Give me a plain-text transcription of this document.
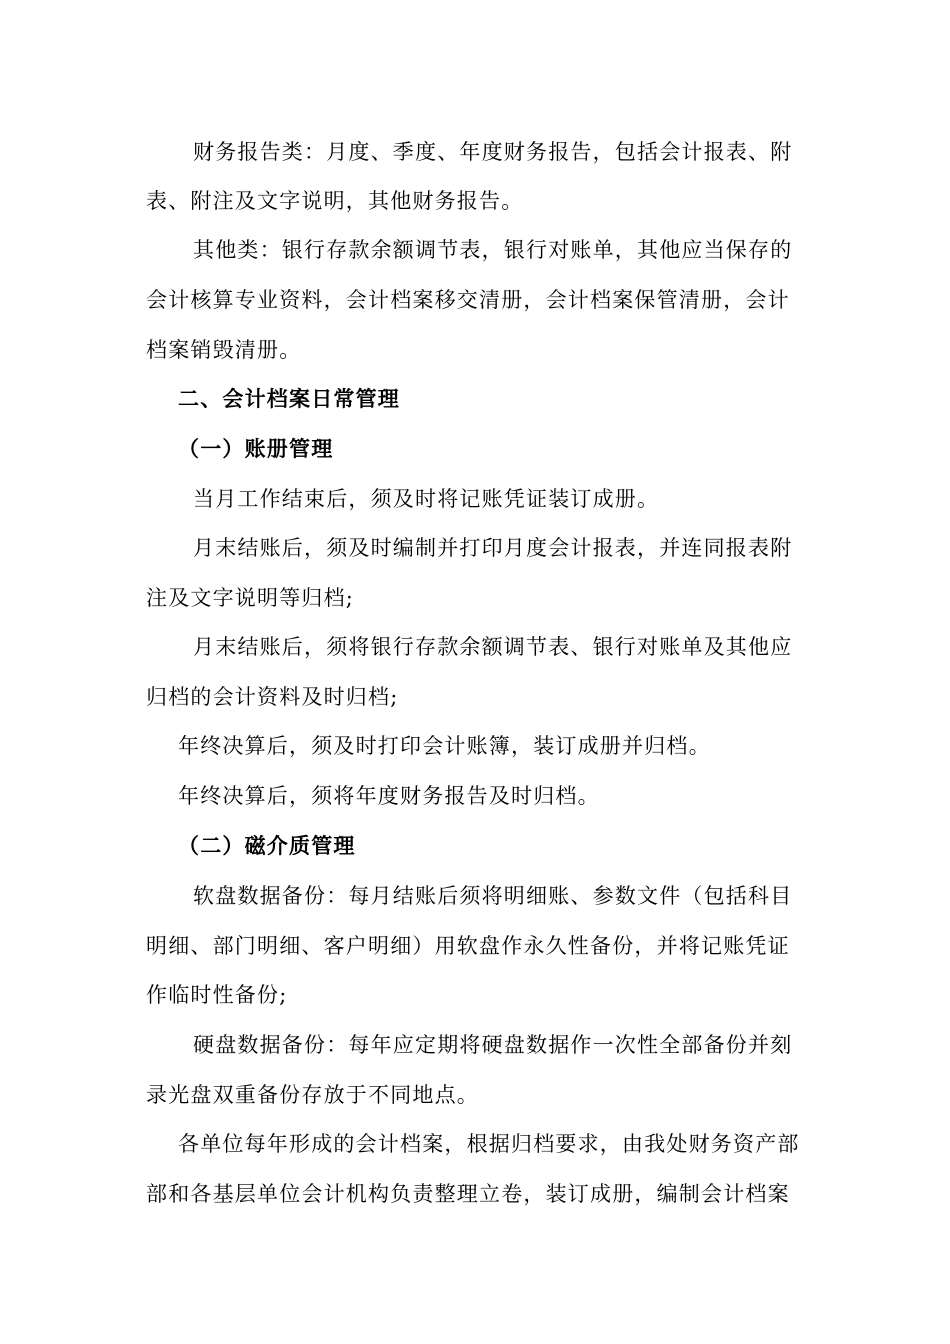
财务报告类：月度、季度、年度财务报告，包括会计报表、附
表、附注及文字说明，其他财务报告。
其他类：银行存款余额调节表，银行对账单，其他应当保存的
会计核算专业资料，会计档案移交清册，会计档案保管清册，会计
档案销毁清册。
二、会计档案日常管理
（一）账册管理
当月工作结束后，须及时将记账凭证装订成册。
月末结账后，须及时编制并打印月度会计报表，并连同报表附
注及文字说明等归档;
月末结账后，须将银行存款余额调节表、银行对账单及其他应
归档的会计资料及时归档;
年终决算后，须及时打印会计账簿，装订成册并归档。
年终决算后，须将年度财务报告及时归档。
（二）磁介质管理
软盘数据备份：每月结账后须将明细账、参数文件（包括科目
明细、部门明细、客户明细）用软盘作永久性备份，并将记账凭证
作临时性备份;
硬盘数据备份：每年应定期将硬盘数据作一次性全部备份并刻
录光盘双重备份存放于不同地点。
各单位每年形成的会计档案，根据归档要求，由我处财务资产部
部和各基层单位会计机构负责整理立卷，装订成册，编制会计档案
